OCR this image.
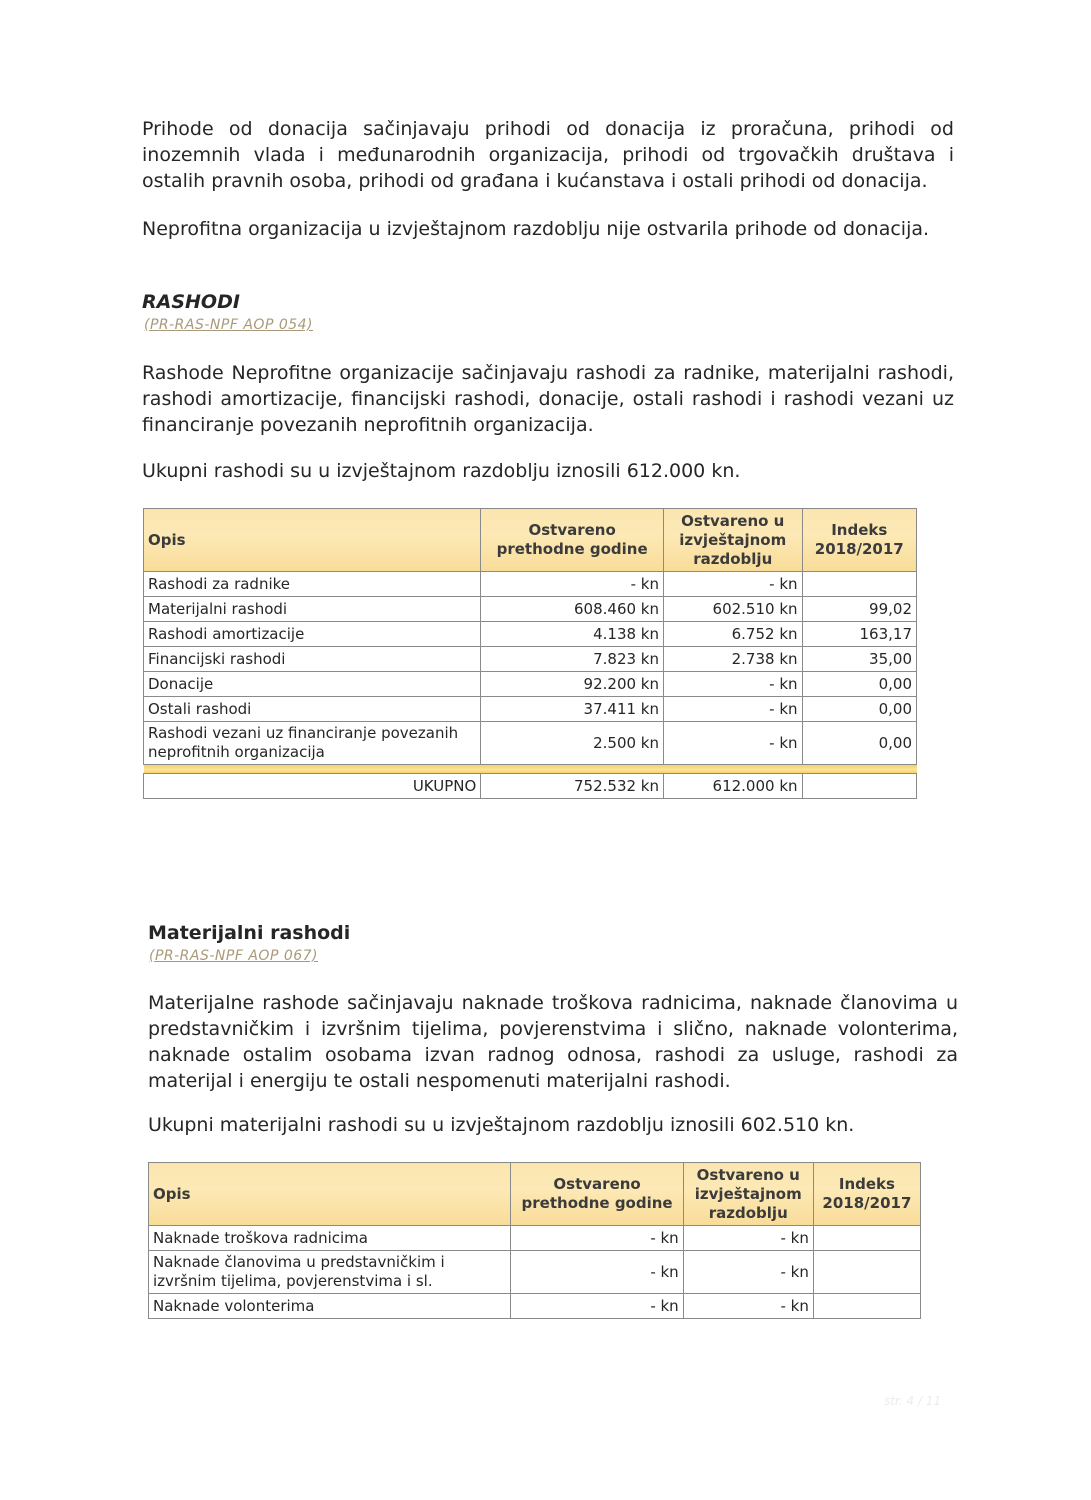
Prihode od donacija sačinjavaju prihodi od donacija iz proračuna, prihodi od inozemnih vlada i međunarodnih organizacija, prihodi od trgovačkih društava i ostalih pravnih osoba, prihodi od građana i kućanstava i ostali prihodi od donacija.

Neprofitna organizacija u izvještajnom razdoblju nije ostvarila prihode od donacija.

RASHODI

(PR-RAS-NPF AOP 054)

Rashode Neprofitne organizacije sačinjavaju rashodi za radnike, materijalni rashodi, rashodi amortizacije, financijski rashodi, donacije, ostali rashodi i rashodi vezani uz financiranje povezanih neprofitnih organizacija.

Ukupni rashodi su u izvještajnom razdoblju iznosili 612.000 kn.

Opis	Ostvareno prethodne godine	Ostvareno u izvještajnom razdoblju	Indeks 2018/2017
Rashodi za radnike	- kn	- kn	
Materijalni rashodi	608.460 kn	602.510 kn	99,02
Rashodi amortizacije	4.138 kn	6.752 kn	163,17
Financijski rashodi	7.823 kn	2.738 kn	35,00
Donacije	92.200 kn	- kn	0,00
Ostali rashodi	37.411 kn	- kn	0,00
Rashodi vezani uz financiranje povezanih neprofitnih organizacija	2.500 kn	- kn	0,00

UKUPNO	752.532 kn	612.000 kn	

Materijalni rashodi

(PR-RAS-NPF AOP 067)

Materijalne rashode sačinjavaju naknade troškova radnicima, naknade članovima u predstavničkim i izvršnim tijelima, povjerenstvima i slično, naknade volonterima, naknade ostalim osobama izvan radnog odnosa, rashodi za usluge, rashodi za materijal i energiju te ostali nespomenuti materijalni rashodi.

Ukupni materijalni rashodi su u izvještajnom razdoblju iznosili 602.510 kn.

Opis	Ostvareno prethodne godine	Ostvareno u izvještajnom razdoblju	Indeks 2018/2017
Naknade troškova radnicima	- kn	- kn	
Naknade članovima u predstavničkim i izvršnim tijelima, povjerenstvima i sl.	- kn	- kn	
Naknade volonterima	- kn	- kn	
str. 4 / 11
